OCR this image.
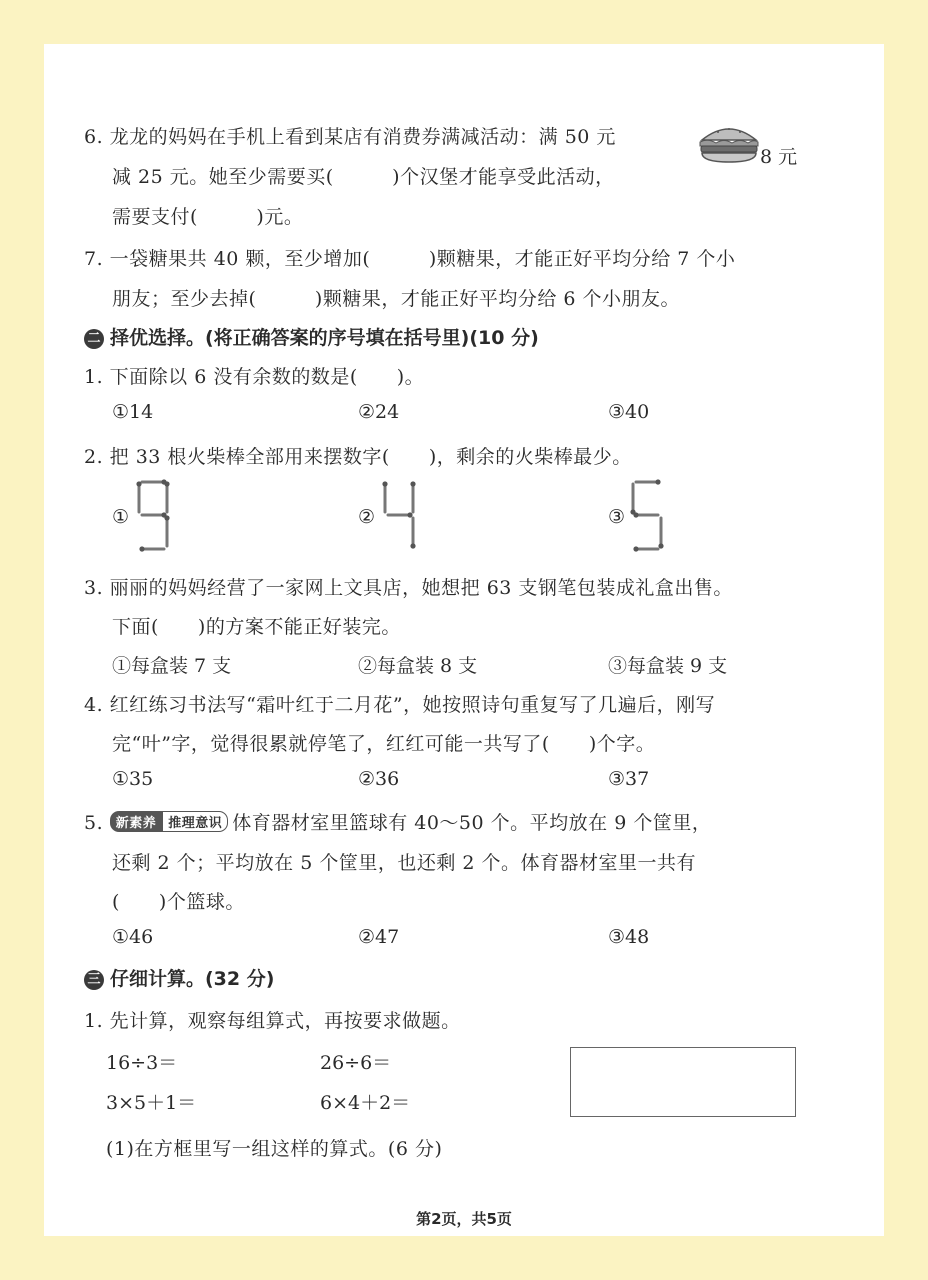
6. 龙龙的妈妈在手机上看到某店有消费券满减活动：满 50 元
减 25 元。她至少需要买(　　　)个汉堡才能享受此活动，
需要支付(　　　)元。
8 元
7. 一袋糖果共 40 颗，至少增加(　　　)颗糖果，才能正好平均分给 7 个小
朋友；至少去掉(　　　)颗糖果，才能正好平均分给 6 个小朋友。
二 择优选择。(将正确答案的序号填在括号里)(10 分)
1. 下面除以 6 没有余数的数是(　　)。
①14	②24	③40
2. 把 33 根火柴棒全部用来摆数字(　　)，剩余的火柴棒最少。
①	②	③
3. 丽丽的妈妈经营了一家网上文具店，她想把 63 支钢笔包装成礼盒出售。
下面(　　)的方案不能正好装完。
①每盒装 7 支	②每盒装 8 支	③每盒装 9 支
4. 红红练习书法写“霜叶红于二月花”，她按照诗句重复写了几遍后，刚写
完“叶”字，觉得很累就停笔了，红红可能一共写了(　　)个字。
①35	②36	③37
5. 新素养 推理意识 体育器材室里篮球有 40～50 个。平均放在 9 个筐里，
还剩 2 个；平均放在 5 个筐里，也还剩 2 个。体育器材室里一共有
(　　)个篮球。
①46	②47	③48
三 仔细计算。(32 分)
1. 先计算，观察每组算式，再按要求做题。
16÷3＝	26÷6＝
3×5＋1＝	6×4＋2＝
(1)在方框里写一组这样的算式。(6 分)
第2页，共5页
